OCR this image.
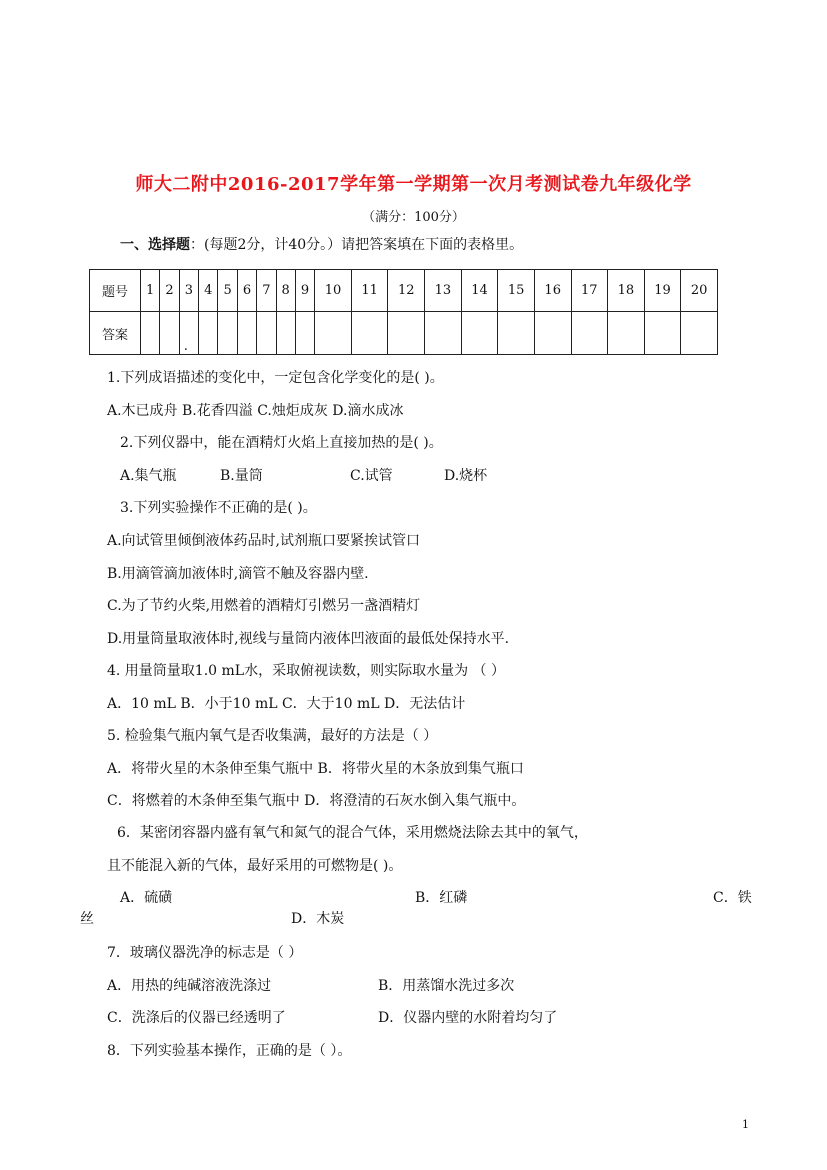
师大二附中2016-2017学年第一学期第一次月考测试卷九年级化学
（满分：100分）
一、选择题：(每题2分，计40分。）请把答案填在下面的表格里。
题号	1	2	3	4	5	6	7	8	9	10	11	12	13	14	15	16	17	18	19	20
答案			.																	
1.下列成语描述的变化中，一定包含化学变化的是( )。
A.木已成舟 B.花香四溢 C.烛炬成灰 D.滴水成冰
2.下列仪器中，能在酒精灯火焰上直接加热的是( )。
A.集气瓶	B.量筒	C.试管	D.烧杯
3.下列实验操作不正确的是( )。
A.向试管里倾倒液体药品时,试剂瓶口要紧挨试管口
B.用滴管滴加液体时,滴管不触及容器内壁.
C.为了节约火柴,用燃着的酒精灯引燃另一盏酒精灯
D.用量筒量取液体时,视线与量筒内液体凹液面的最低处保持水平.
4. 用量筒量取1.0 mL水，采取俯视读数，则实际取水量为 （ ）
A．10 mL B．小于10 mL C．大于10 mL D．无法估计
5. 检验集气瓶内氧气是否收集满，最好的方法是（ ）
A．将带火星的木条伸至集气瓶中 B．将带火星的木条放到集气瓶口
C．将燃着的木条伸至集气瓶中 D．将澄清的石灰水倒入集气瓶中。
6．某密闭容器内盛有氧气和氮气的混合气体，采用燃烧法除去其中的氧气，
且不能混入新的气体，最好采用的可燃物是( )。
A．硫磺	B．红磷	C．铁
丝	D．木炭
7．玻璃仪器洗净的标志是（ ）
A．用热的纯碱溶液洗涤过	B．用蒸馏水洗过多次
C．洗涤后的仪器已经透明了	D．仪器内壁的水附着均匀了
8．下列实验基本操作，正确的是（ ）。
1
